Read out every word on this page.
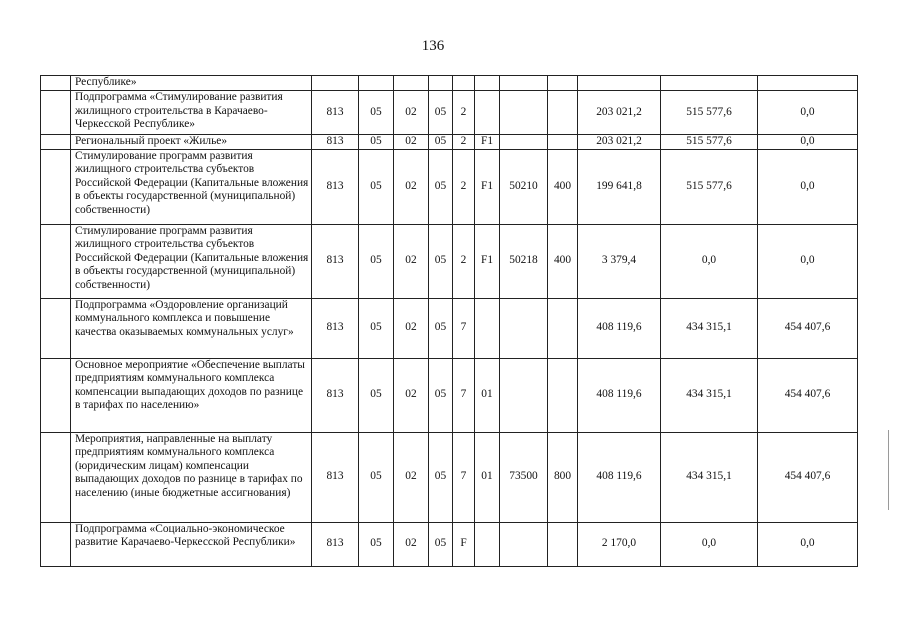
136
	Республике»											
	Подпрограмма «Стимулирование развития жилищного строительства в Карачаево-Черкесской Республике»	813	05	02	05	2				203 021,2	515 577,6	0,0
	Региональный проект «Жилье»	813	05	02	05	2	F1			203 021,2	515 577,6	0,0
	Стимулирование программ развития жилищного строительства субъектов Российской Федерации (Капитальные вложения в объекты государственной (муниципальной) собственности)	813	05	02	05	2	F1	50210	400	199 641,8	515 577,6	0,0
	Стимулирование программ развития жилищного строительства субъектов Российской Федерации (Капитальные вложения в объекты государственной (муниципальной) собственности)	813	05	02	05	2	F1	50218	400	3 379,4	0,0	0,0
	Подпрограмма «Оздоровление организаций коммунального комплекса и повышение качества оказываемых коммунальных услуг»	813	05	02	05	7				408 119,6	434 315,1	454 407,6
	Основное мероприятие «Обеспечение выплаты предприятиям коммунального комплекса компенсации выпадающих доходов по разнице в тарифах по населению»	813	05	02	05	7	01			408 119,6	434 315,1	454 407,6
	Мероприятия, направленные на выплату предприятиям коммунального комплекса (юридическим лицам) компенсации выпадающих доходов по разнице в тарифах по населению (иные бюджетные ассигнования)	813	05	02	05	7	01	73500	800	408 119,6	434 315,1	454 407,6
	Подпрограмма «Социально-экономическое развитие Карачаево-Черкесской Республики»	813	05	02	05	F				2 170,0	0,0	0,0
